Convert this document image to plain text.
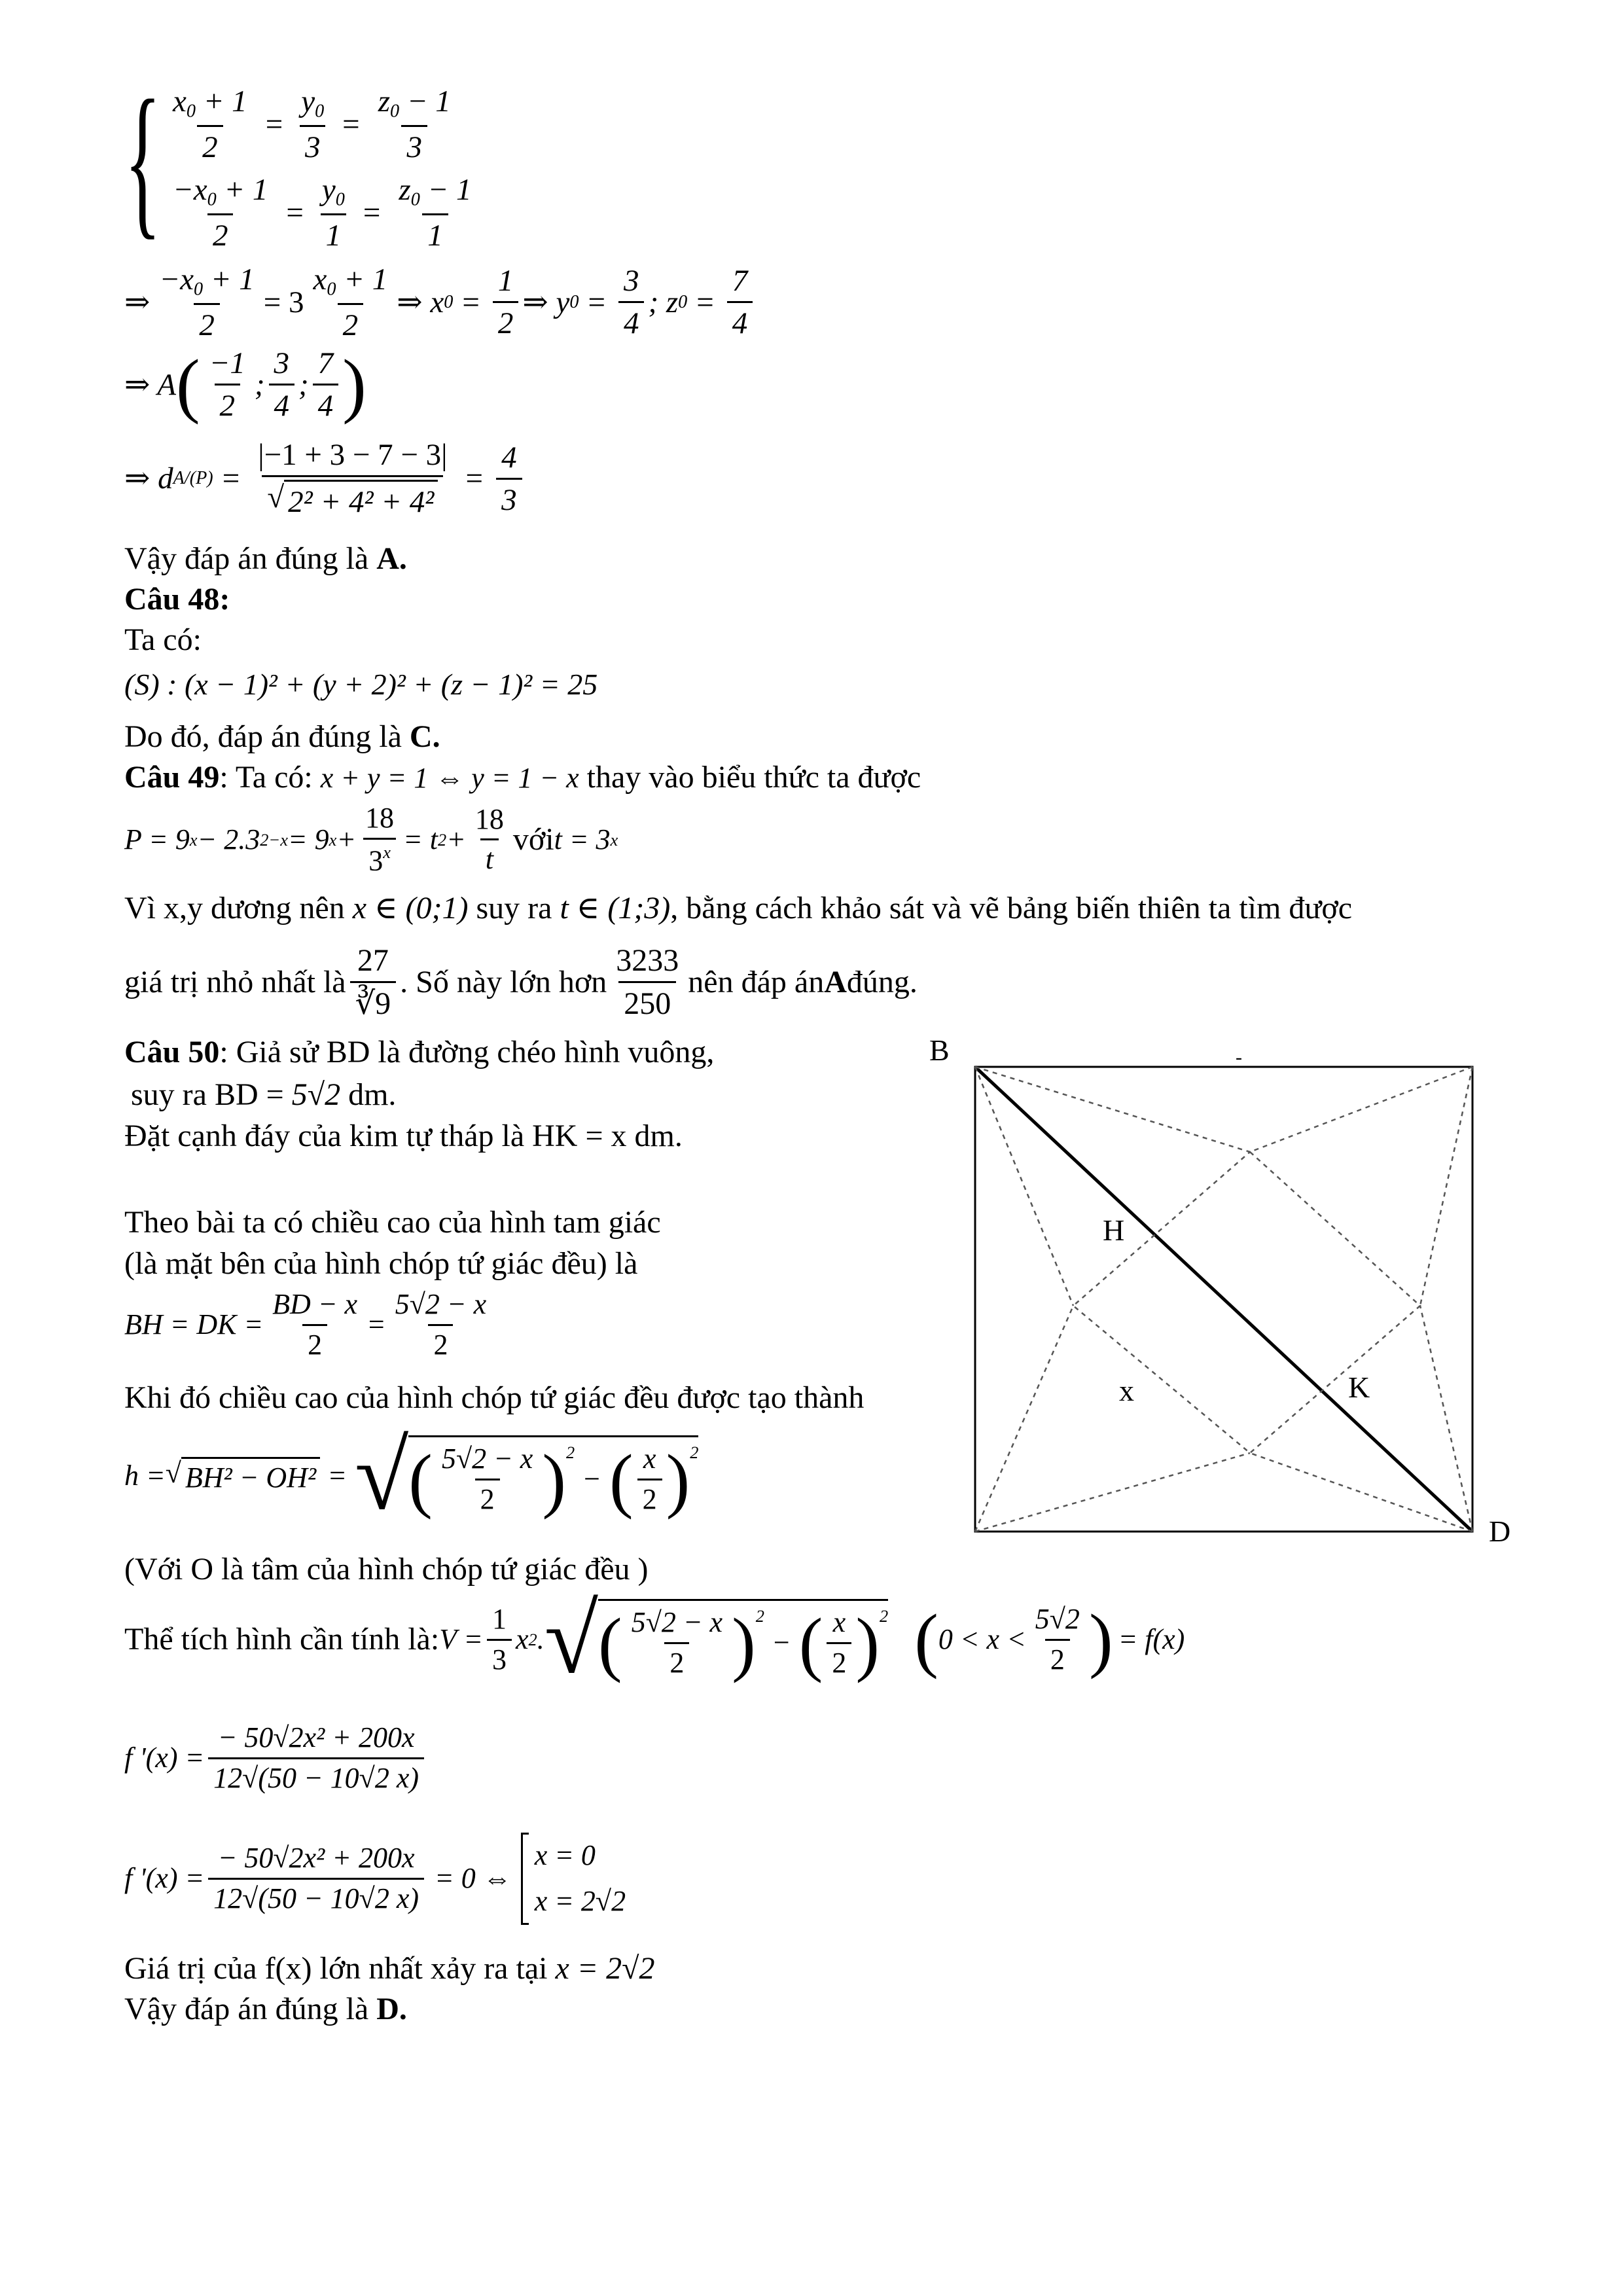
{ $\frac{x_0 + 1}{2} = \frac{y_0}{3} = \frac{z_0 - 1}{3}$
$\frac{-x_0 + 1}{2} = \frac{y_0}{1} = \frac{z_0 - 1}{1}$
⇒ $\frac{-x_0 + 1}{2} = 3$
$x_0 + 1$
2
⇒ x $0 = \frac{1}{2}$ ⇒ y $0 = \frac{3}{4}$ ; z $0 = \frac{7}{4}$
⇒ A ( −1
2
;
3
4
;
7
4 )
⇒ d $A/(P) = \frac{|-1 + 3 - 7 - 3|}{\text{√ 2² + 4² + 4²}} = \frac{4}{3}$
Vậy đáp án đúng là A.
Câu 48:
Ta có:
(S) : (x − 1)² + (y + 2)² + (z − 1)² = 25
Do đó, đáp án đúng là C.
Câu 49: Ta có: x + y = 1 ⇔ y = 1 − x thay vào biểu thức ta được
P = 9 x − 2.3 2−x = 9 $x + \frac{18}{3^x} = t$ $2 + \frac{18}{t}$ với t = 3 x
Vì x,y dương nên x ∈ (0;1) suy ra t ∈ (1;3), bằng cách khảo sát và vẽ bảng biến thiên ta tìm được
giá trị nhỏ nhất là
27
∛9
. Số này lớn hơn
3233
250
nên đáp án A đúng.
Câu 50: Giả sử BD là đường chéo hình vuông,
suy ra BD = 5√2 dm.
Đặt cạnh đáy của kim tự tháp là HK = x dm.
Theo bài ta có chiều cao của hình tam giác
(là mặt bên của hình chóp tứ giác đều) là
BH = DK = $\frac{BD - x}{2} = \frac{5√2 - x}{2}$
Khi đó chiều cao của hình chóp tứ giác đều được tạo thành
h = √ BH² − OH² = √ ( 5√2 − x
2 )$^2$
− ( x
2 )$^2$
(Với O là tâm của hình chóp tứ giác đều )
Thể tích hình cần tính là: $V = \frac{1}{3}$ x 2 . √ ( 5√2 − x
2 )$^2$
− ( x
2 )$^2$ ( 0 < x <
5√2
2 ) = f(x)
f '$(x) = \frac{\text{− 50√2x² + 200x}}{12√(50 - 10√2 x)}$
f '$(x) = \frac{\text{− 50√2x² + 200x}}{12√(50 - 10√2 x)} = 0$ ⇔
x = 0
x = 2√2
Giá trị của f(x) lớn nhất xảy ra tại x = 2√2
Vậy đáp án đúng là D.
B
D
H
K
x
-
